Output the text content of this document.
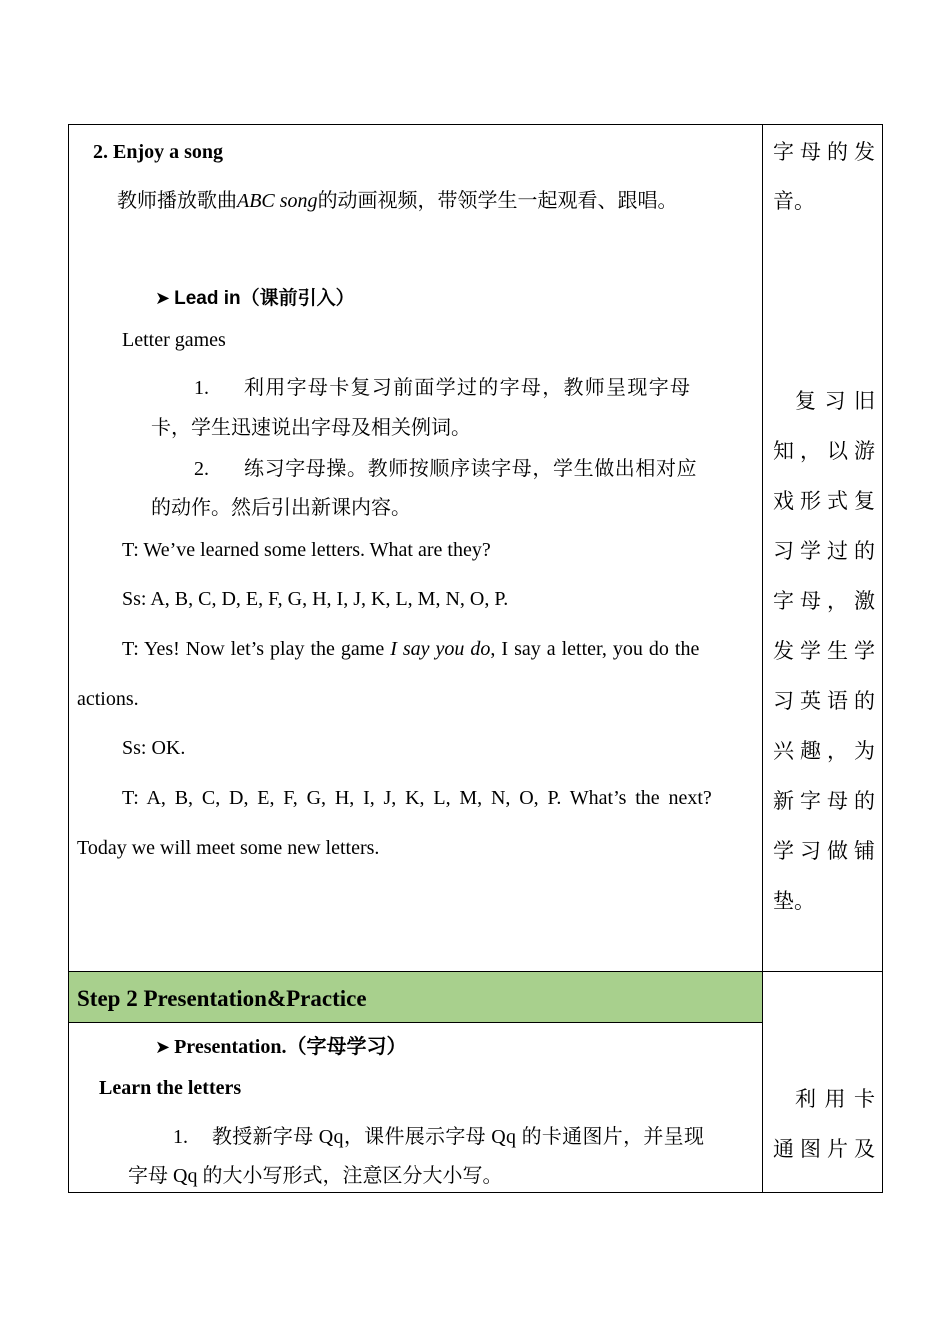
2. Enjoy a song
教师播放歌曲ABC song的动画视频，带领学生一起观看、跟唱。
➤ Lead in（课前引入）
Letter games
1. 利用字母卡复习前面学过的字母，教师呈现字母
卡，学生迅速说出字母及相关例词。
2. 练习字母操。教师按顺序读字母，学生做出相对应
的动作。然后引出新课内容。
T: We’ve learned some letters. What are they?
Ss: A, B, C, D, E, F, G, H, I, J, K, L, M, N, O, P.
T: Yes! Now let’s play the game I say you do, I say a letter, you do the
actions.
Ss: OK.
T: A, B, C, D, E, F, G, H, I, J, K, L, M, N, O, P. What’s the next?
Today we will meet some new letters.
Step 2 Presentation&Practice
➤ Presentation.（字母学习）
Learn the letters
1. 教授新字母 Qq，课件展示字母 Qq 的卡通图片，并呈现
字母 Qq 的大小写形式，注意区分大小写。
字 母 的 发
音。
复 习 旧
知 ， 以 游
戏 形 式 复
习 学 过 的
字 母 ， 激
发 学 生 学
习 英 语 的
兴 趣 ， 为
新 字 母 的
学 习 做 铺
垫。
利 用 卡
通 图 片 及
